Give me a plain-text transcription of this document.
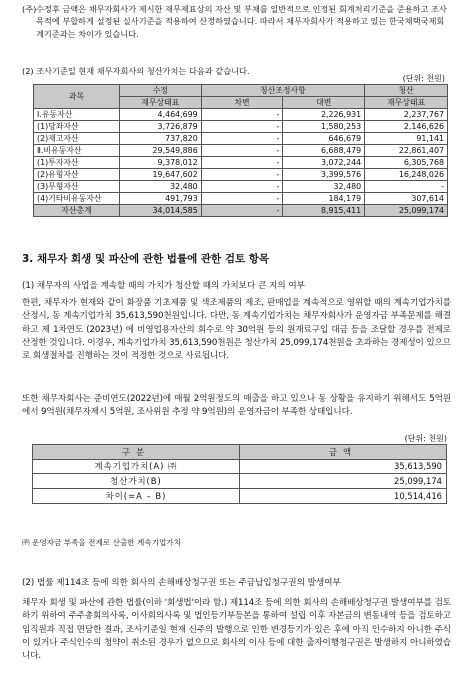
(주) 수정후 금액은 채무자회사가 제시한 재무제표상의 자산 및 부채를 일반적으로 인정된 회계처리기준을 준용하고 조사목적에 부합하게 설정된 실사기준을 적용하여 산정하였습니다. 따라서 채무자회사가 적용하고 있는 한국채택국제회계기준과는 차이가 있습니다.
(2) 조사기준일 현재 채무자회사의 청산가치는 다음과 같습니다.
(단위: 천원)
과목	수정	청산조정사항		청산
	재무상태표	차변	대변	재무상태표
Ⅰ.유동자산	4,464,699	-	2,226,931	2,237,767
(1)당좌자산	3,726,879	-	1,580,253	2,146,626
(2)재고자산	737,820	-	646,679	91,141
Ⅱ.비유동자산	29,549,886	-	6,688,479	22,861,407
(1)투자자산	9,378,012	-	3,072,244	6,305,768
(2)유형자산	19,647,602	-	3,399,576	16,248,026
(3)무형자산	32,480	-	32,480	-
(4)기타비유동자산	491,793	-	184,179	307,614
자산총계	34,014,585	-	8,915,411	25,099,174
3. 채무자 회생 및 파산에 관한 법률에 관한 검토 항목
(1) 채무자의 사업을 계속할 때의 가치가 청산할 때의 가치보다 큰 지의 여부
한편, 채무자가 현재와 같이 화장품 기초제품 및 색조제품의 제조, 판매업을 계속적으로 영위할 때의 계속기업가치를 산정시, 동 계속기업가치 35,613,590천원입니다. 다만, 동 계속기업가치는 채무자회사가 운영자금 부족문제를 해결하고 제 1차연도 (2023년) 에 비영업용자산의 회수로 약 30억원 등의 원재료구입 대금 등을 조달할 경우를 전제로 산정한 것입니다. 이경우, 계속기업가치 35,613,590천원은 청산가치 25,099,174천원을 초과하는 경제성이 있으므로 회생절차를 진행하는 것이 적정한 것으로 사료됩니다.
또한 채무자회사는 준비연도(2022년)에 매월 2억원정도의 매출을 하고 있으나 동 상황을 유지하기 위해서도 5억원에서 9억원(채무자제시 5억원, 조사위원 추정 약 9억원)의 운영자금이 부족한 상태입니다.
(단위: 천원)
구분	금액
계속기업가치(A) ㈜	35,613,590
청산가치(B)	25,099,174
차이(=A – B)	10,514,416
㈜ 운영자금 부족을 전제로 산출한 계속기업가치
(2) 법률 제114조 등에 의한 회사의 손해배상청구권 또는 주금납입청구권의 발생여부
채무자 회생 및 파산에 관한 법률(이하 '회생법'이라 함.) 제114조 등에 의한 회사의 손해배상청구권 발생여부를 검토하기 위하여 주주총회의사록, 이사회의사록 및 법인등기부등본을 통하여 설립 이후 자본금의 변동내역 등을 검토하고 임직원과 직접 면담한 결과, 조사기준일 현재 신주의 발행으로 인한 변경등기가 있은 후에 아직 인수하지 아니한 주식이 있거나 주식인수의 청약이 취소된 경우가 없으므로 회사의 이사 등에 대한 출자이행청구권은 발생하지 아니하였습니다.
